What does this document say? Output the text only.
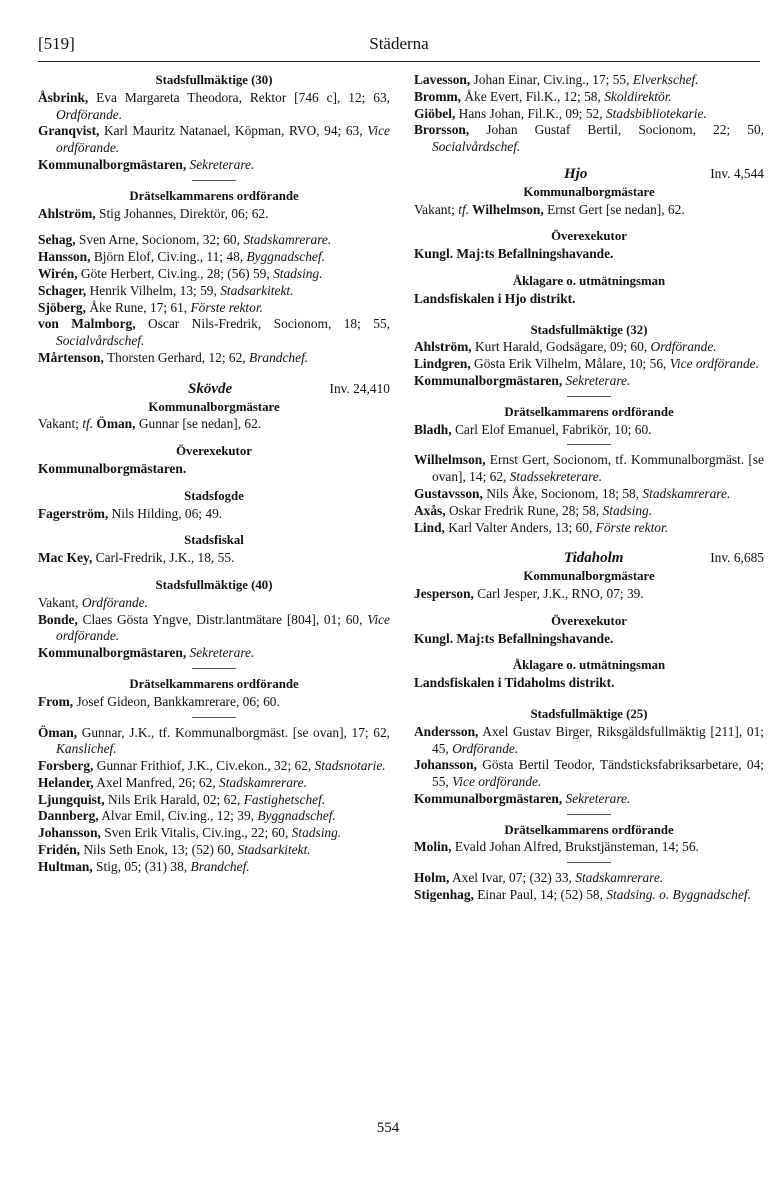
[519]	Städerna
Stadsfullmäktige (30)

Åsbrink, Eva Margareta Theodora, Rektor [746 c], 12; 63, Ordförande.

Granqvist, Karl Mauritz Natanael, Köpman, RVO, 94; 63, Vice ordförande.

Kommunalborgmästaren, Sekreterare.

Drätselkammarens ordförande

Ahlström, Stig Johannes, Direktör, 06; 62.

Sehag, Sven Arne, Socionom, 32; 60, Stadskamrerare.

Hansson, Björn Elof, Civ.ing., 11; 48, Byggnadschef.

Wirén, Göte Herbert, Civ.ing., 28; (56) 59, Stadsing.

Schager, Henrik Vilhelm, 13; 59, Stadsarkitekt.

Sjöberg, Åke Rune, 17; 61, Förste rektor.

von Malmborg, Oscar Nils-Fredrik, Socionom, 18; 55, Socialvårdschef.

Mårtenson, Thorsten Gerhard, 12; 62, Brandchef.

Skövde	Inv. 24,410
Kommunalborgmästare

Vakant; tf. Öman, Gunnar [se nedan], 62.

Överexekutor

Kommunalborgmästaren.

Stadsfogde

Fagerström, Nils Hilding, 06; 49.

Stadsfiskal

Mac Key, Carl-Fredrik, J.K., 18, 55.

Stadsfullmäktige (40)

Vakant, Ordförande.

Bonde, Claes Gösta Yngve, Distr.lantmätare [804], 01; 60, Vice ordförande.

Kommunalborgmästaren, Sekreterare.

Drätselkammarens ordförande

From, Josef Gideon, Bankkamrerare, 06; 60.

Öman, Gunnar, J.K., tf. Kommunalborgmäst. [se ovan], 17; 62, Kanslichef.

Forsberg, Gunnar Frithiof, J.K., Civ.ekon., 32; 62, Stadsnotarie.

Helander, Axel Manfred, 26; 62, Stadskamrerare.

Ljungquist, Nils Erik Harald, 02; 62, Fastighetschef.

Dannberg, Alvar Emil, Civ.ing., 12; 39, Byggnadschef.

Johansson, Sven Erik Vitalis, Civ.ing., 22; 60, Stadsing.

Fridén, Nils Seth Enok, 13; (52) 60, Stadsarkitekt.

Hultman, Stig, 05; (31) 38, Brandchef.

Lavesson, Johan Einar, Civ.ing., 17; 55, Elverkschef.

Bromm, Åke Evert, Fil.K., 12; 58, Skoldirektör.

Giöbel, Hans Johan, Fil.K., 09; 52, Stadsbibliotekarie.

Brorsson, Johan Gustaf Bertil, Socionom, 22; 50, Socialvårdschef.

Hjo	Inv. 4,544
Kommunalborgmästare

Vakant; tf. Wilhelmson, Ernst Gert [se nedan], 62.

Överexekutor

Kungl. Maj:ts Befallningshavande.

Åklagare o. utmätningsman

Landsfiskalen i Hjo distrikt.

Stadsfullmäktige (32)

Ahlström, Kurt Harald, Godsägare, 09; 60, Ordförande.

Lindgren, Gösta Erik Vilhelm, Målare, 10; 56, Vice ordförande.

Kommunalborgmästaren, Sekreterare.

Drätselkammarens ordförande

Bladh, Carl Elof Emanuel, Fabrikör, 10; 60.

Wilhelmson, Ernst Gert, Socionom, tf. Kommunalborgmäst. [se ovan], 14; 62, Stadssekreterare.

Gustavsson, Nils Åke, Socionom, 18; 58, Stadskamrerare.

Axås, Oskar Fredrik Rune, 28; 58, Stadsing.

Lind, Karl Valter Anders, 13; 60, Förste rektor.

Tidaholm	Inv. 6,685
Kommunalborgmästare

Jesperson, Carl Jesper, J.K., RNO, 07; 39.

Överexekutor

Kungl. Maj:ts Befallningshavande.

Åklagare o. utmätningsman

Landsfiskalen i Tidaholms distrikt.

Stadsfullmäktige (25)

Andersson, Axel Gustav Birger, Riksgäldsfullmäktig [211], 01; 45, Ordförande.

Johansson, Gösta Bertil Teodor, Tändsticksfabriksarbetare, 04; 55, Vice ordförande.

Kommunalborgmästaren, Sekreterare.

Drätselkammarens ordförande

Molin, Evald Johan Alfred, Brukstjänsteman, 14; 56.

Holm, Axel Ivar, 07; (32) 33, Stadskamrerare.

Stigenhag, Einar Paul, 14; (52) 58, Stadsing. o. Byggnadschef.

554
